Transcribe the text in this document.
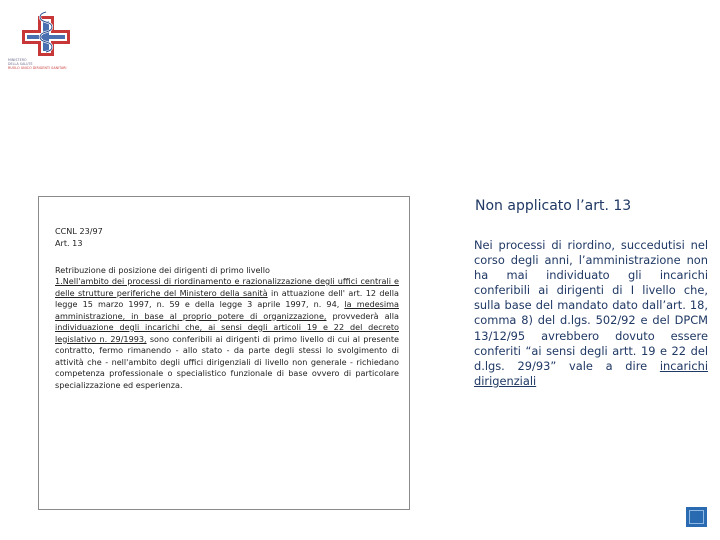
MINISTERO
DELLA SALUTE
RUOLO UNICO DIRIGENTI SANITARI
CCNL 23/97
Art. 13
Retribuzione di posizione dei dirigenti di primo livello
1.Nell'ambito dei processi di riordinamento e razionalizzazione degli uffici centrali e delle strutture periferiche del Ministero della sanità in attuazione dell' art. 12 della legge 15 marzo 1997, n. 59 e della legge 3 aprile 1997, n. 94, la medesima amministrazione, in base al proprio potere di organizzazione, provvederà alla individuazione degli incarichi che, ai sensi degli articoli 19 e 22 del decreto legislativo n. 29/1993, sono conferibili ai dirigenti di primo livello di cui al presente contratto, fermo rimanendo - allo stato - da parte degli stessi lo svolgimento di attività che - nell'ambito degli uffici dirigenziali di livello non generale - richiedano competenza professionale o specialistico funzionale di base ovvero di particolare specializzazione ed esperienza.
Non applicato l’art. 13
Nei processi di riordino, succedutisi nel corso degli anni, l’amministrazione non ha mai individuato gli incarichi conferibili ai dirigenti di I livello che, sulla base del mandato dato dall’art. 18, comma 8) del d.lgs. 502/92 e del DPCM 13/12/95 avrebbero dovuto essere conferiti “ai sensi degli artt. 19 e 22 del d.lgs. 29/93” vale a dire incarichi dirigenziali
